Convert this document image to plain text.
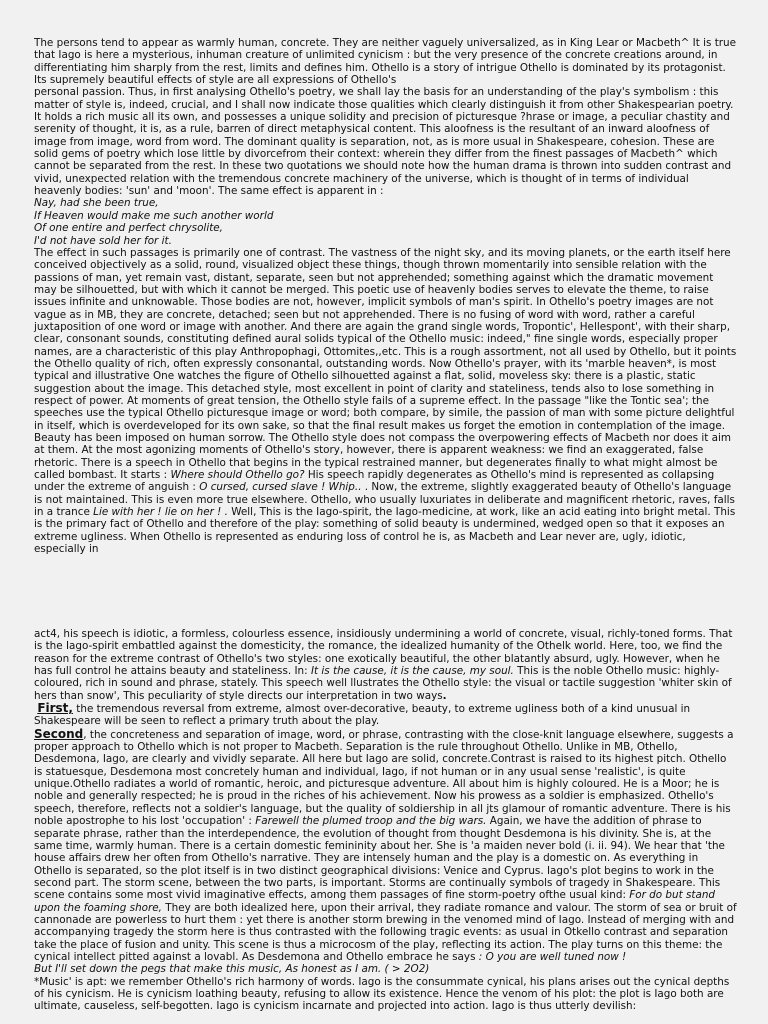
The persons tend to appear as warmly human, concrete. They are neither vaguely universalized, as in King Lear or Macbeth^ It is true that Iago is here a mysterious, inhuman creature of unlimited cynicism : but the very presence of the concrete creations around, in differentiating him sharply from the rest, limits and defines him. Othello is a story of intrigue Othello is dominated by its protagonist. Its supremely beautiful effects of style are all expressions of Othello's

personal passion. Thus, in first analysing Othello's poetry, we shall lay the basis for an understanding of the play's symbolism : this matter of style is, indeed, crucial, and I shall now indicate those qualities which clearly distinguish it from other Shakespearian poetry. It holds a rich music all its own, and possesses a unique solidity and precision of picturesque ?hrase or image, a peculiar chastity and serenity of thought, it is, as a rule, barren of direct metaphysical content. This aloofness is the resultant of an inward aloofness of image from image, word from word. The dominant quality is separation, not, as is more usual in Shakespeare, cohesion. These are solid gems of poetry which lose little by divorcefrom their context: wherein they differ from the finest passages of Macbeth^ which cannot be separated from the rest. In these two quotations we should note how the human drama is thrown into sudden contrast and vivid, unexpected relation with the tremendous concrete machinery of the universe, which is thought of in terms of individual heavenly bodies: 'sun' and 'moon'. The same effect is apparent in :

Nay, had she been true,

If Heaven would make me such another world

Of one entire and perfect chrysolite,

I'd not have sold her for it.

The effect in such passages is primarily one of contrast. The vastness of the night sky, and its moving planets, or the earth itself here conceived objectively as a solid, round, visualized object these things, though thrown momentarily into sensible relation with the passions of man, yet remain vast, distant, separate, seen but not apprehended; something against which the dramatic movement may be silhouetted, but with which it cannot be merged. This poetic use of heavenly bodies serves to elevate the theme, to raise issues infinite and unknowable. Those bodies are not, however, implicit symbols of man's spirit. In Othello's poetry images are not vague as in MB, they are concrete, detached; seen but not apprehended. There is no fusing of word with word, rather a careful juxtaposition of one word or image with another. And there are again the grand single words, Tropontic', Hellespont', with their sharp, clear, consonant sounds, constituting defined aural solids typical of the Othello music: indeed," fine single words, especially proper names, are a characteristic of this play Anthropophagi, Ottomites,,etc. This is a rough assortment, not all used by Othello, but it points the Othello quality of rich, often expressly consonantal, outstanding words. Now Othello's prayer, with its 'marble heaven*, is most typical and illustrative One watches the figure of Othello silhouetted against a flat, solid, moveless sky: there is a plastic, static suggestion about the image. This detached style, most excellent in point of clarity and stateliness, tends also to lose something in respect of power. At moments of great tension, the Othello style fails of a supreme effect. In the passage "like the Tontic sea'; the speeches use the typical Othello picturesque image or word; both compare, by simile, the passion of man with some picture delightful in itself, which is overdeveloped for its own sake, so that the final result makes us forget the emotion in contemplation of the image. Beauty has been imposed on human sorrow. The Othello style does not compass the overpowering effects of Macbeth nor does it aim at them. At the most agonizing moments of Othello's story, however, there is apparent weakness: we find an exaggerated, false rhetoric. There is a speech in Othello that begins in the typical restrained manner, but degenerates finally to what might almost be called bombast. It starts : Where should Othello go? His speech rapidly degenerates as Othello's mind is represented as collapsing under the extreme of anguish : O cursed, cursed slave ! Whip.. . Now, the extreme, slightly exaggerated beauty of Othello's language is not maintained. This is even more true elsewhere. Othello, who usually luxuriates in deliberate and magnificent rhetoric, raves, falls in a trance Lie with her ! lie on her ! . Well, This is the Iago-spirit, the Iago-medicine, at work, like an acid eating into bright metal. This is the primary fact of Othello and therefore of the play: something of solid beauty is undermined, wedged open so that it exposes an extreme ugliness. When Othello is represented as enduring loss of control he is, as Macbeth and Lear never are, ugly, idiotic, especially in

act4, his speech is idiotic, a formless, colourless essence, insidiously undermining a world of concrete, visual, richly-toned forms. That is the Iago-spirit embattled against the domesticity, the romance, the idealized humanity of the Othelk world. Here, too, we find the reason for the extreme contrast of Othello's two styles: one exotically beautiful, the other blatantly absurd, ugly. However, when he has full control he attains beauty and stateliness. In: It is the cause, it is the cause, my soul. This is the noble Othello music: highly-coloured, rich in sound and phrase, stately. This speech well llustrates the Othello style: the visual or tactile suggestion 'whiter skin of hers than snow', This peculiarity of style directs our interpretation in two ways.

First, the tremendous reversal from extreme, almost over-decorative, beauty, to extreme ugliness both of a kind unusual in Shakespeare will be seen to reflect a primary truth about the play.

Second, the concreteness and separation of image, word, or phrase, contrasting with the close-knit language elsewhere, suggests a proper approach to Othello which is not proper to Macbeth. Separation is the rule throughout Othello. Unlike in MB, Othello, Desdemona, Iago, are clearly and vividly separate. All here but Iago are solid, concrete.Contrast is raised to its highest pitch. Othello is statuesque, Desdemona most concretely human and individual, Iago, if not human or in any usual sense 'realistic', is quite unique.Othello radiates a world of romantic, heroic, and picturesque adventure. All about him is highly coloured. He is a Moor; he is noble and generally respected; he is proud in the riches of his achievement. Now his prowess as a soldier is emphasized. Othello's speech, therefore, reflects not a soldier's language, but the quality of soldiership in all jts glamour of romantic adventure. There is his noble apostrophe to his lost 'occupation' : Farewell the plumed troop and the big wars. Again, we have the addition of phrase to separate phrase, rather than the interdependence, the evolution of thought from thought Desdemona is his divinity. She is, at the same time, warmly human. There is a certain domestic femininity about her. She is 'a maiden never bold (i. ii. 94). We hear that 'the house affairs drew her often from Othello's narrative. They are intensely human and the play is a domestic on. As everything in Othello is separated, so the plot itself is in two distinct geographical divisions: Venice and Cyprus. Iago's plot begins to work in the second part. The storm scene, between the two parts, is important. Storms are continually symbols of tragedy in Shakespeare. This scene contains some most vivid imaginative effects, among them passages of fine storm-poetry ofthe usual kind: For do but stand upon the foaming shore, They are both idealized here, upon their arrival, they radiate romance and valour. The storm of sea or bruit of cannonade are powerless to hurt them : yet there is another storm brewing in the venomed mind of Iago. Instead of merging with and accompanying tragedy the storm here is thus contrasted with the following tragic events: as usual in Otkello contrast and separation take the place of fusion and unity. This scene is thus a microcosm of the play, reflecting its action. The play turns on this theme: the cynical intellect pitted against a lovabl. As Desdemona and Othello embrace he says : O you are well tuned now !

But I'll set down the pegs that make this music, As honest as I am. ( > 2O2)

*Music' is apt: we remember Othello's rich harmony of words. Iago is the consummate cynical, his plans arises out the cynical depths of his cynicism. He is cynicism loathing beauty, refusing to allow its existence. Hence the venom of his plot: the plot is Iago both are ultimate, causeless, self-begotten. Iago is cynicism incarnate and projected into action. Iago is thus utterly devilish:
